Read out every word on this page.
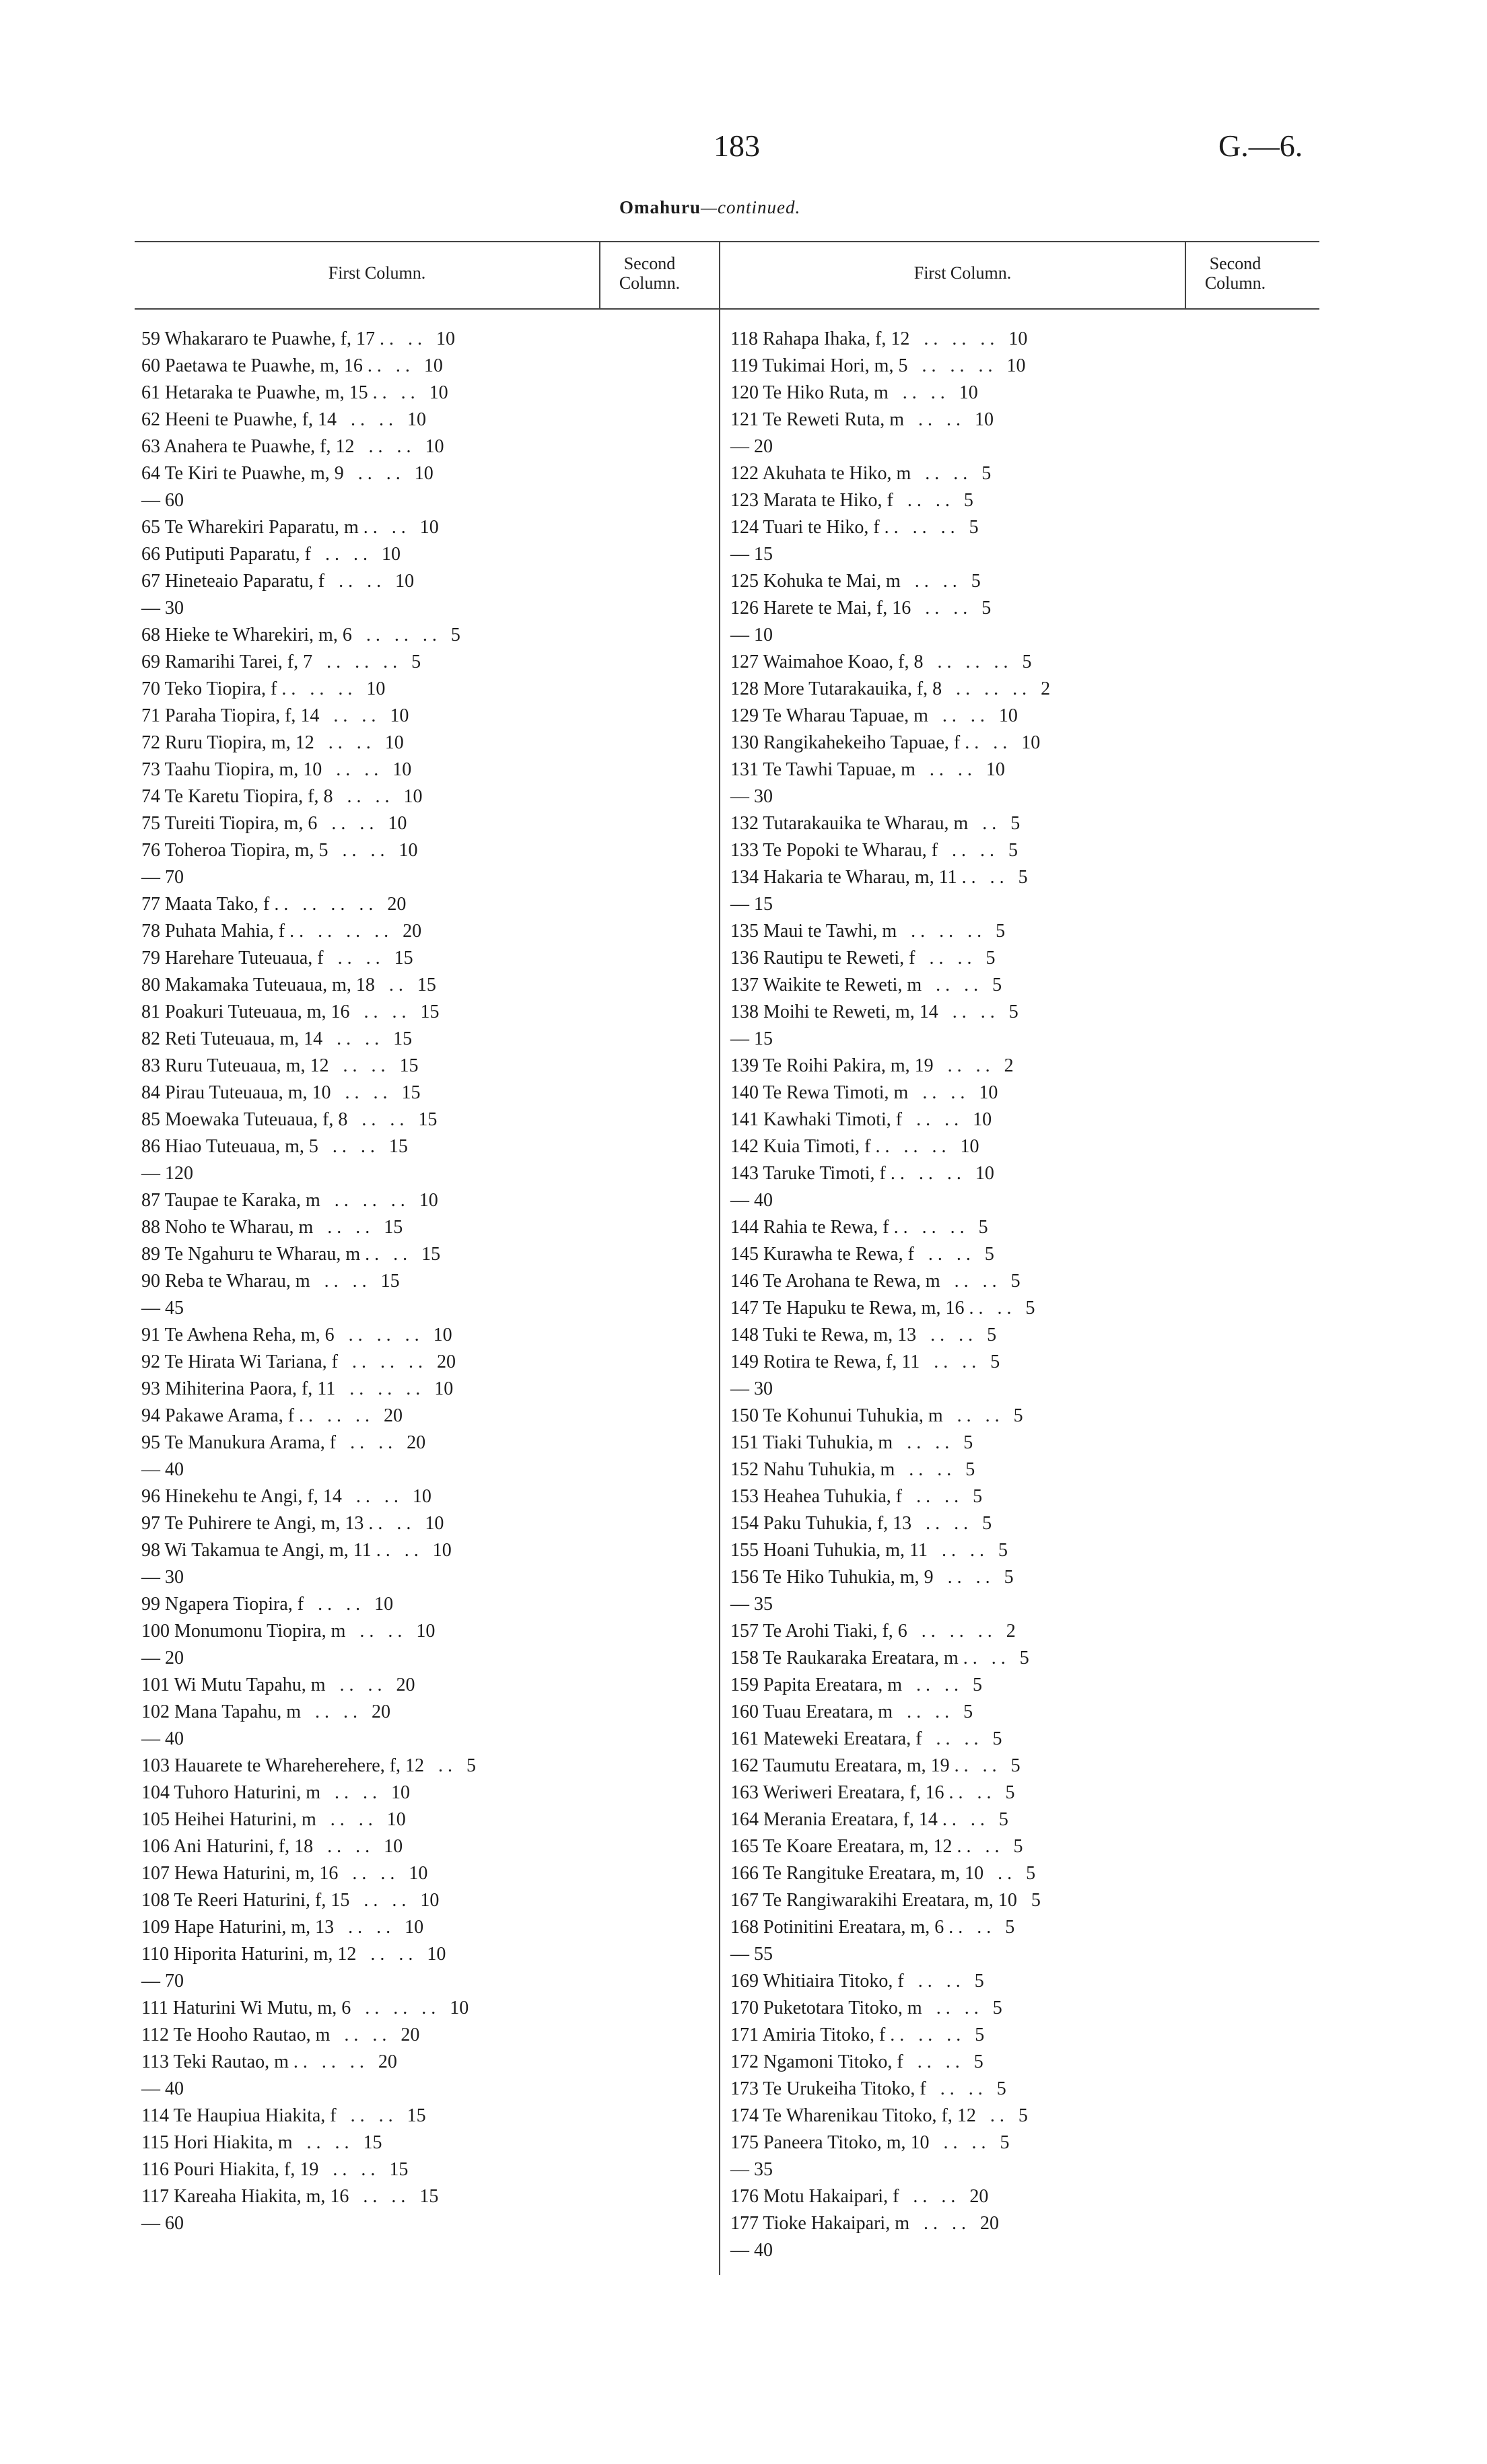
183	G.—6.
Omahuru—continued.
First Column.	Second Column.
First Column.	Second Column.
59 Whakararo te Puawhe, f, 17 . .   . .   10
60 Paetawa te Puawhe, m, 16 . .   . .   10
61 Hetaraka te Puawhe, m, 15 . .   . .   10
62 Heeni te Puawhe, f, 14   . .   . .   10
63 Anahera te Puawhe, f, 12   . .   . .   10
64 Te Kiri te Puawhe, m, 9   . .   . .   10
— 60
65 Te Wharekiri Paparatu, m . .   . .   10
66 Putiputi Paparatu, f   . .   . .   10
67 Hineteaio Paparatu, f   . .   . .   10
— 30
68 Hieke te Wharekiri, m, 6   . .   . .   . .   5
69 Ramarihi Tarei, f, 7   . .   . .   . .   5
70 Teko Tiopira, f . .   . .   . .   10
71 Paraha Tiopira, f, 14   . .   . .   10
72 Ruru Tiopira, m, 12   . .   . .   10
73 Taahu Tiopira, m, 10   . .   . .   10
74 Te Karetu Tiopira, f, 8   . .   . .   10
75 Tureiti Tiopira, m, 6   . .   . .   10
76 Toheroa Tiopira, m, 5   . .   . .   10
— 70
77 Maata Tako, f . .   . .   . .   . .   20
78 Puhata Mahia, f . .   . .   . .   . .   20
79 Harehare Tuteuaua, f   . .   . .   15
80 Makamaka Tuteuaua, m, 18   . .   15
81 Poakuri Tuteuaua, m, 16   . .   . .   15
82 Reti Tuteuaua, m, 14   . .   . .   15
83 Ruru Tuteuaua, m, 12   . .   . .   15
84 Pirau Tuteuaua, m, 10   . .   . .   15
85 Moewaka Tuteuaua, f, 8   . .   . .   15
86 Hiao Tuteuaua, m, 5   . .   . .   15
— 120
87 Taupae te Karaka, m   . .   . .   . .   10
88 Noho te Wharau, m   . .   . .   15
89 Te Ngahuru te Wharau, m . .   . .   15
90 Reba te Wharau, m   . .   . .   15
— 45
91 Te Awhena Reha, m, 6   . .   . .   . .   10
92 Te Hirata Wi Tariana, f   . .   . .   . .   20
93 Mihiterina Paora, f, 11   . .   . .   . .   10
94 Pakawe Arama, f . .   . .   . .   20
95 Te Manukura Arama, f   . .   . .   20
— 40
96 Hinekehu te Angi, f, 14   . .   . .   10
97 Te Puhirere te Angi, m, 13 . .   . .   10
98 Wi Takamua te Angi, m, 11 . .   . .   10
— 30
99 Ngapera Tiopira, f   . .   . .   10
100 Monumonu Tiopira, m   . .   . .   10
— 20
101 Wi Mutu Tapahu, m   . .   . .   20
102 Mana Tapahu, m   . .   . .   20
— 40
103 Hauarete te Wharehereherе, f, 12   . .   5
104 Tuhoro Haturini, m   . .   . .   10
105 Heihei Haturini, m   . .   . .   10
106 Ani Haturini, f, 18   . .   . .   10
107 Hewa Haturini, m, 16   . .   . .   10
108 Te Reeri Haturini, f, 15   . .   . .   10
109 Hape Haturini, m, 13   . .   . .   10
110 Hiporita Haturini, m, 12   . .   . .   10
— 70
111 Haturini Wi Mutu, m, 6   . .   . .   . .   10
112 Te Hooho Rautao, m   . .   . .   20
113 Teki Rautao, m . .   . .   . .   20
— 40
114 Te Haupiua Hiakita, f   . .   . .   15
115 Hori Hiakita, m   . .   . .   15
116 Pouri Hiakita, f, 19   . .   . .   15
117 Kareaha Hiakita, m, 16   . .   . .   15
— 60
118 Rahapa Ihaka, f, 12   . .   . .   . .   10
119 Tukimai Hori, m, 5   . .   . .   . .   10
120 Te Hiko Ruta, m   . .   . .   10
121 Te Reweti Ruta, m   . .   . .   10
— 20
122 Akuhata te Hiko, m   . .   . .   5
123 Marata te Hiko, f   . .   . .   5
124 Tuari te Hiko, f . .   . .   . .   5
— 15
125 Kohuka te Mai, m   . .   . .   5
126 Harete te Mai, f, 16   . .   . .   5
— 10
127 Waimahoe Koao, f, 8   . .   . .   . .   5
128 More Tutarakauika, f, 8   . .   . .   . .   2
129 Te Wharau Tapuae, m   . .   . .   10
130 Rangikahekeiho Tapuae, f . .   . .   10
131 Te Tawhi Tapuae, m   . .   . .   10
— 30
132 Tutarakauika te Wharau, m   . .   5
133 Te Popoki te Wharau, f   . .   . .   5
134 Hakaria te Wharau, m, 11 . .   . .   5
— 15
135 Maui te Tawhi, m   . .   . .   . .   5
136 Rautipu te Reweti, f   . .   . .   5
137 Waikite te Reweti, m   . .   . .   5
138 Moihi te Reweti, m, 14   . .   . .   5
— 15
139 Te Roihi Pakira, m, 19   . .   . .   2
140 Te Rewa Timoti, m   . .   . .   10
141 Kawhaki Timoti, f   . .   . .   10
142 Kuia Timoti, f . .   . .   . .   10
143 Taruke Timoti, f . .   . .   . .   10
— 40
144 Rahia te Rewa, f . .   . .   . .   5
145 Kurawha te Rewa, f   . .   . .   5
146 Te Arohana te Rewa, m   . .   . .   5
147 Te Hapuku te Rewa, m, 16 . .   . .   5
148 Tuki te Rewa, m, 13   . .   . .   5
149 Rotira te Rewa, f, 11   . .   . .   5
— 30
150 Te Kohunui Tuhukia, m   . .   . .   5
151 Tiaki Tuhukia, m   . .   . .   5
152 Nahu Tuhukia, m   . .   . .   5
153 Heahea Tuhukia, f   . .   . .   5
154 Paku Tuhukia, f, 13   . .   . .   5
155 Hoani Tuhukia, m, 11   . .   . .   5
156 Te Hiko Tuhukia, m, 9   . .   . .   5
— 35
157 Te Arohi Tiaki, f, 6   . .   . .   . .   2
158 Te Raukaraka Ereatara, m . .   . .   5
159 Papita Ereatara, m   . .   . .   5
160 Tuau Ereatara, m   . .   . .   5
161 Mateweki Ereatara, f   . .   . .   5
162 Taumutu Ereatara, m, 19 . .   . .   5
163 Weriweri Ereatara, f, 16 . .   . .   5
164 Merania Ereatara, f, 14 . .   . .   5
165 Te Koare Ereatara, m, 12 . .   . .   5
166 Te Rangituke Ereatara, m, 10   . .   5
167 Te Rangiwarakihi Ereatara, m, 10   5
168 Potinitini Ereatara, m, 6 . .   . .   5
— 55
169 Whitiaira Titoko, f   . .   . .   5
170 Puketotara Titoko, m   . .   . .   5
171 Amiria Titoko, f . .   . .   . .   5
172 Ngamoni Titoko, f   . .   . .   5
173 Te Urukeiha Titoko, f   . .   . .   5
174 Te Wharenikau Titoko, f, 12   . .   5
175 Paneera Titoko, m, 10   . .   . .   5
— 35
176 Motu Hakaipari, f   . .   . .   20
177 Tioke Hakaipari, m   . .   . .   20
— 40
